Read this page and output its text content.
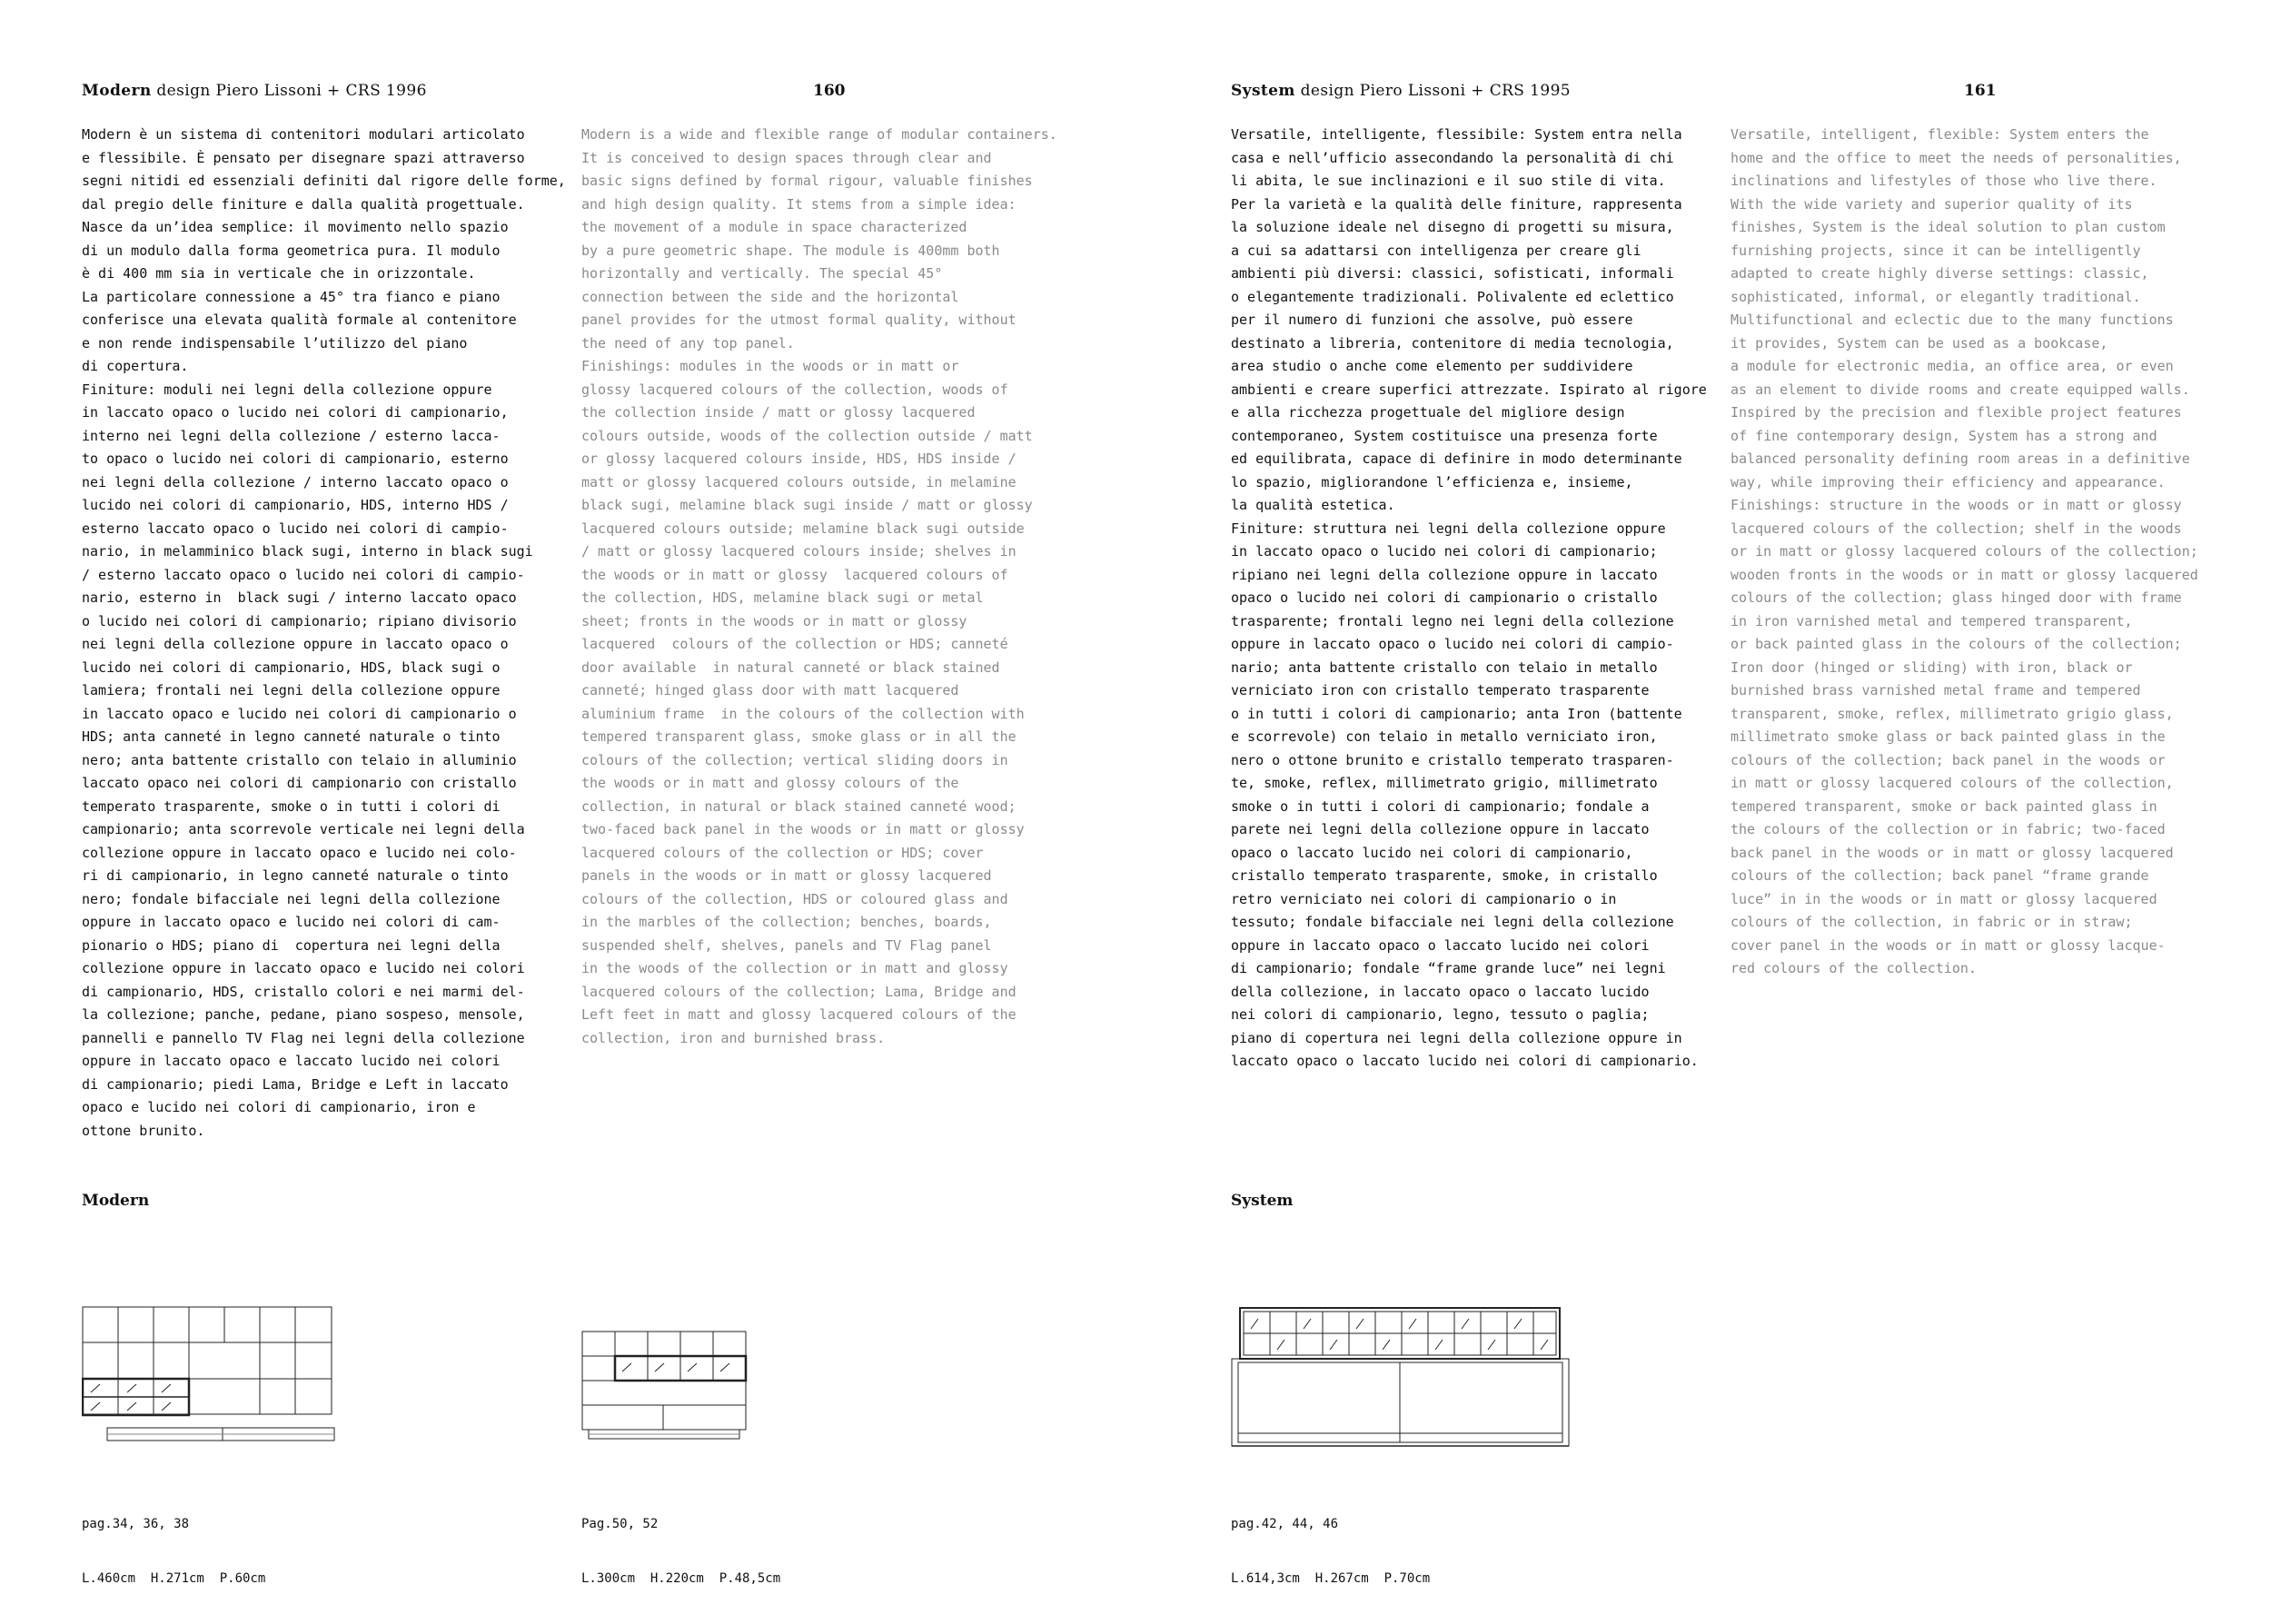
Modern design Piero Lissoni + CRS 1996	160
Modern è un sistema di contenitori modulari articolato
e flessibile. È pensato per disegnare spazi attraverso
segni nitidi ed essenziali definiti dal rigore delle forme,
dal pregio delle finiture e dalla qualità progettuale.
Nasce da un’idea semplice: il movimento nello spazio
di un modulo dalla forma geometrica pura. Il modulo
è di 400 mm sia in verticale che in orizzontale.
La particolare connessione a 45° tra fianco e piano
conferisce una elevata qualità formale al contenitore
e non rende indispensabile l’utilizzo del piano
di copertura.
Finiture: moduli nei legni della collezione oppure
in laccato opaco o lucido nei colori di campionario,
interno nei legni della collezione / esterno lacca-
to opaco o lucido nei colori di campionario, esterno
nei legni della collezione / interno laccato opaco o
lucido nei colori di campionario, HDS, interno HDS /
esterno laccato opaco o lucido nei colori di campio-
nario, in melamminico black sugi, interno in black sugi
/ esterno laccato opaco o lucido nei colori di campio-
nario, esterno in  black sugi / interno laccato opaco
o lucido nei colori di campionario; ripiano divisorio
nei legni della collezione oppure in laccato opaco o
lucido nei colori di campionario, HDS, black sugi o
lamiera; frontali nei legni della collezione oppure
in laccato opaco e lucido nei colori di campionario o
HDS; anta canneté in legno canneté naturale o tinto
nero; anta battente cristallo con telaio in alluminio
laccato opaco nei colori di campionario con cristallo
temperato trasparente, smoke o in tutti i colori di
campionario; anta scorrevole verticale nei legni della
collezione oppure in laccato opaco e lucido nei colo-
ri di campionario, in legno canneté naturale o tinto
nero; fondale bifacciale nei legni della collezione
oppure in laccato opaco e lucido nei colori di cam-
pionario o HDS; piano di  copertura nei legni della
collezione oppure in laccato opaco e lucido nei colori
di campionario, HDS, cristallo colori e nei marmi del-
la collezione; panche, pedane, piano sospeso, mensole,
pannelli e pannello TV Flag nei legni della collezione
oppure in laccato opaco e laccato lucido nei colori
di campionario; piedi Lama, Bridge e Left in laccato
opaco e lucido nei colori di campionario, iron e
ottone brunito.
Modern is a wide and flexible range of modular containers.
It is conceived to design spaces through clear and
basic signs defined by formal rigour, valuable finishes
and high design quality. It stems from a simple idea:
the movement of a module in space characterized
by a pure geometric shape. The module is 400mm both
horizontally and vertically. The special 45°
connection between the side and the horizontal
panel provides for the utmost formal quality, without
the need of any top panel.
Finishings: modules in the woods or in matt or
glossy lacquered colours of the collection, woods of
the collection inside / matt or glossy lacquered
colours outside, woods of the collection outside / matt
or glossy lacquered colours inside, HDS, HDS inside /
matt or glossy lacquered colours outside, in melamine
black sugi, melamine black sugi inside / matt or glossy
lacquered colours outside; melamine black sugi outside
/ matt or glossy lacquered colours inside; shelves in
the woods or in matt or glossy  lacquered colours of
the collection, HDS, melamine black sugi or metal
sheet; fronts in the woods or in matt or glossy
lacquered  colours of the collection or HDS; canneté
door available  in natural canneté or black stained
canneté; hinged glass door with matt lacquered
aluminium frame  in the colours of the collection with
tempered transparent glass, smoke glass or in all the
colours of the collection; vertical sliding doors in
the woods or in matt and glossy colours of the
collection, in natural or black stained canneté wood;
two-faced back panel in the woods or in matt or glossy
lacquered colours of the collection or HDS; cover
panels in the woods or in matt or glossy lacquered
colours of the collection, HDS or coloured glass and
in the marbles of the collection; benches, boards,
suspended shelf, shelves, panels and TV Flag panel
in the woods of the collection or in matt and glossy
lacquered colours of the collection; Lama, Bridge and
Left feet in matt and glossy lacquered colours of the
collection, iron and burnished brass.
Modern

pag.34, 36, 38

L.460cm  H.271cm  P.60cm

Pag.50, 52

L.300cm  H.220cm  P.48,5cm

System design Piero Lissoni + CRS 1995	161
Versatile, intelligente, flessibile: System entra nella
casa e nell’ufficio assecondando la personalità di chi
li abita, le sue inclinazioni e il suo stile di vita.
Per la varietà e la qualità delle finiture, rappresenta
la soluzione ideale nel disegno di progetti su misura,
a cui sa adattarsi con intelligenza per creare gli
ambienti più diversi: classici, sofisticati, informali
o elegantemente tradizionali. Polivalente ed eclettico
per il numero di funzioni che assolve, può essere
destinato a libreria, contenitore di media tecnologia,
area studio o anche come elemento per suddividere
ambienti e creare superfici attrezzate. Ispirato al rigore
e alla ricchezza progettuale del migliore design
contemporaneo, System costituisce una presenza forte
ed equilibrata, capace di definire in modo determinante
lo spazio, migliorandone l’efficienza e, insieme,
la qualità estetica.
Finiture: struttura nei legni della collezione oppure
in laccato opaco o lucido nei colori di campionario;
ripiano nei legni della collezione oppure in laccato
opaco o lucido nei colori di campionario o cristallo
trasparente; frontali legno nei legni della collezione
oppure in laccato opaco o lucido nei colori di campio-
nario; anta battente cristallo con telaio in metallo
verniciato iron con cristallo temperato trasparente
o in tutti i colori di campionario; anta Iron (battente
e scorrevole) con telaio in metallo verniciato iron,
nero o ottone brunito e cristallo temperato trasparen-
te, smoke, reflex, millimetrato grigio, millimetrato
smoke o in tutti i colori di campionario; fondale a
parete nei legni della collezione oppure in laccato
opaco o laccato lucido nei colori di campionario,
cristallo temperato trasparente, smoke, in cristallo
retro verniciato nei colori di campionario o in
tessuto; fondale bifacciale nei legni della collezione
oppure in laccato opaco o laccato lucido nei colori
di campionario; fondale “frame grande luce” nei legni
della collezione, in laccato opaco o laccato lucido
nei colori di campionario, legno, tessuto o paglia;
piano di copertura nei legni della collezione oppure in
laccato opaco o laccato lucido nei colori di campionario.
Versatile, intelligent, flexible: System enters the
home and the office to meet the needs of personalities,
inclinations and lifestyles of those who live there.
With the wide variety and superior quality of its
finishes, System is the ideal solution to plan custom
furnishing projects, since it can be intelligently
adapted to create highly diverse settings: classic,
sophisticated, informal, or elegantly traditional.
Multifunctional and eclectic due to the many functions
it provides, System can be used as a bookcase,
a module for electronic media, an office area, or even
as an element to divide rooms and create equipped walls.
Inspired by the precision and flexible project features
of fine contemporary design, System has a strong and
balanced personality defining room areas in a definitive
way, while improving their efficiency and appearance.
Finishings: structure in the woods or in matt or glossy
lacquered colours of the collection; shelf in the woods
or in matt or glossy lacquered colours of the collection;
wooden fronts in the woods or in matt or glossy lacquered
colours of the collection; glass hinged door with frame
in iron varnished metal and tempered transparent,
or back painted glass in the colours of the collection;
Iron door (hinged or sliding) with iron, black or
burnished brass varnished metal frame and tempered
transparent, smoke, reflex, millimetrato grigio glass,
millimetrato smoke glass or back painted glass in the
colours of the collection; back panel in the woods or
in matt or glossy lacquered colours of the collection,
tempered transparent, smoke or back painted glass in
the colours of the collection or in fabric; two-faced
back panel in the woods or in matt or glossy lacquered
colours of the collection; back panel “frame grande
luce” in in the woods or in matt or glossy lacquered
colours of the collection, in fabric or in straw;
cover panel in the woods or in matt or glossy lacque-
red colours of the collection.
System

pag.42, 44, 46

L.614,3cm  H.267cm  P.70cm
